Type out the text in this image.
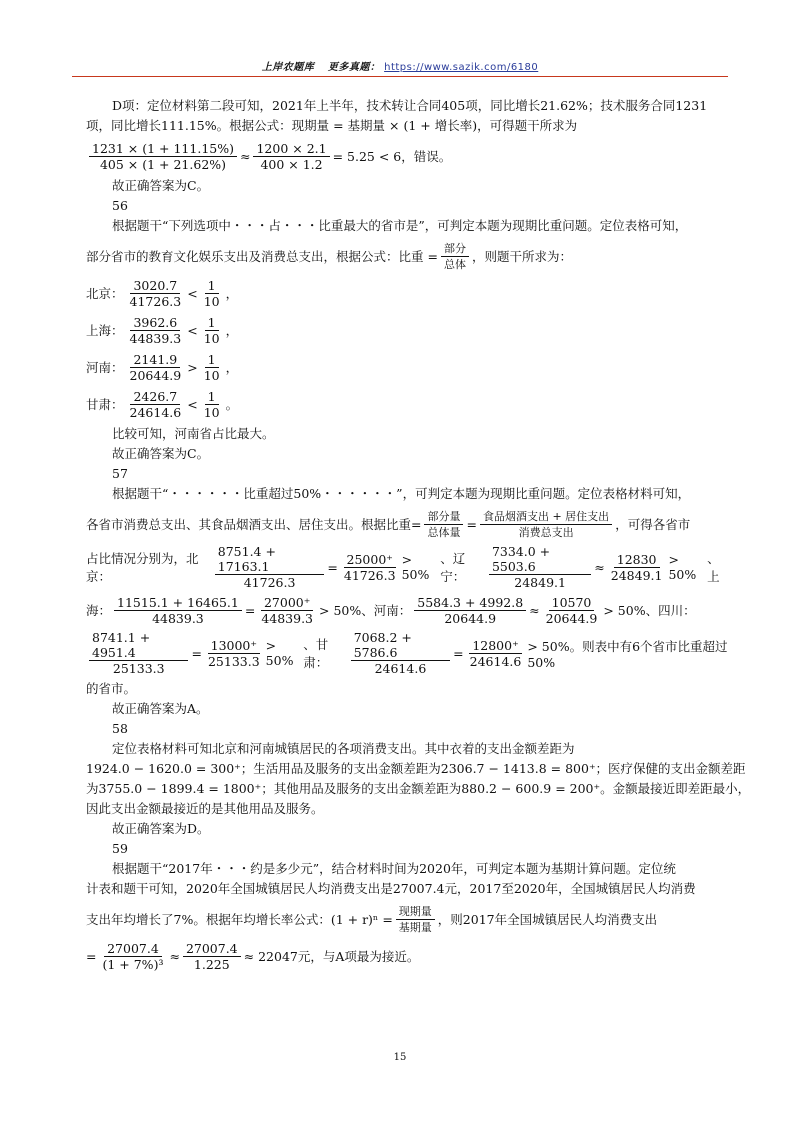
上岸农题库 更多真题： https://www.sazik.com/6180
D项：定位材料第二段可知，2021年上半年，技术转让合同405项，同比增长21.62%；技术服务合同1231
项，同比增长111.15%。根据公式：现期量 = 基期量 × (1 + 增长率)，可得题干所求为
$\frac{1231 \times (1 + 111.15\%)}{405 \times (1 + 21.62\%)} \approx \frac{1200 \times 2.1}{400 \times 1.2} = 5.25 < 6$，错误。
故正确答案为C。
56
根据题干“下列选项中・・・占・・・比重最大的省市是”，可判定本题为现期比重问题。定位表格可知，
部分省市的教育文化娱乐支出及消费总支出，根据公式：比重 = $\frac{\text{部分}}{\text{总体}}$ ，则题干所求为：
北京： $\frac{3020.7}{41726.3} < \frac{1}{10}$ ，
上海： $\frac{3962.6}{44839.3} < \frac{1}{10}$ ，
河南： $\frac{2141.9}{20644.9} > \frac{1}{10}$ ，
甘肃： $\frac{2426.7}{24614.6} < \frac{1}{10}$ 。
比较可知，河南省占比最大。
故正确答案为C。
57
根据题干“・・・・・・比重超过50%・・・・・・”，可判定本题为现期比重问题。定位表格材料可知，
各省市消费总支出、其食品烟酒支出、居住支出。根据比重= $\frac{\text{部分量}}{\text{总体量}} = \frac{\text{食品烟酒支出 + 居住支出}}{\text{消费总支出}}$ ，可得各省市
占比情况分别为，北京：	$\frac{8751.4 + 17163.1}{41726.3} = \frac{25000^+}{41726.3} > 50\%$
、辽宁：	$\frac{7334.0 + 5503.6}{24849.1} \approx \frac{12830}{24849.1} > 50\%$
、上
海： $\frac{11515.1 + 16465.1}{44839.3} = \frac{27000^+}{44839.3} > 50\%$ 、河南： $\frac{5584.3 + 4992.8}{20644.9} \approx \frac{10570}{20644.9} > 50\%$ 、四川：
$\frac{8741.1 + 4951.4}{25133.3} = \frac{13000^+}{25133.3} > 50\%$
、甘肃：	$\frac{7068.2 + 5786.6}{24614.6} = \frac{12800^+}{24614.6} > 50\%$。则表中有6个省市比重超过50%
的省市。
故正确答案为A。
58
定位表格材料可知北京和河南城镇居民的各项消费支出。其中衣着的支出金额差距为
1924.0 − 1620.0 = 300⁺；生活用品及服务的支出金额差距为2306.7 − 1413.8 = 800⁺；医疗保健的支出金额差距
为3755.0 − 1899.4 = 1800⁺；其他用品及服务的支出金额差距为880.2 − 600.9 = 200⁺。金额最接近即差距最小，
因此支出金额最接近的是其他用品及服务。
故正确答案为D。
59
根据题干“2017年・・・约是多少元”，结合材料时间为2020年，可判定本题为基期计算问题。定位统
计表和题干可知，2020年全国城镇居民人均消费支出是27007.4元，2017至2020年，全国城镇居民人均消费
支出年均增长了7%。根据年均增长率公式：$(1 + r)^n = \frac{\text{现期量}}{\text{基期量}}$ ，则2017年全国城镇居民人均消费支出
= $\frac{27007.4}{\text{(1 + 7\%)³}} \approx \frac{27007.4}{1.225} \approx 22047$元，与A项最为接近。
15
